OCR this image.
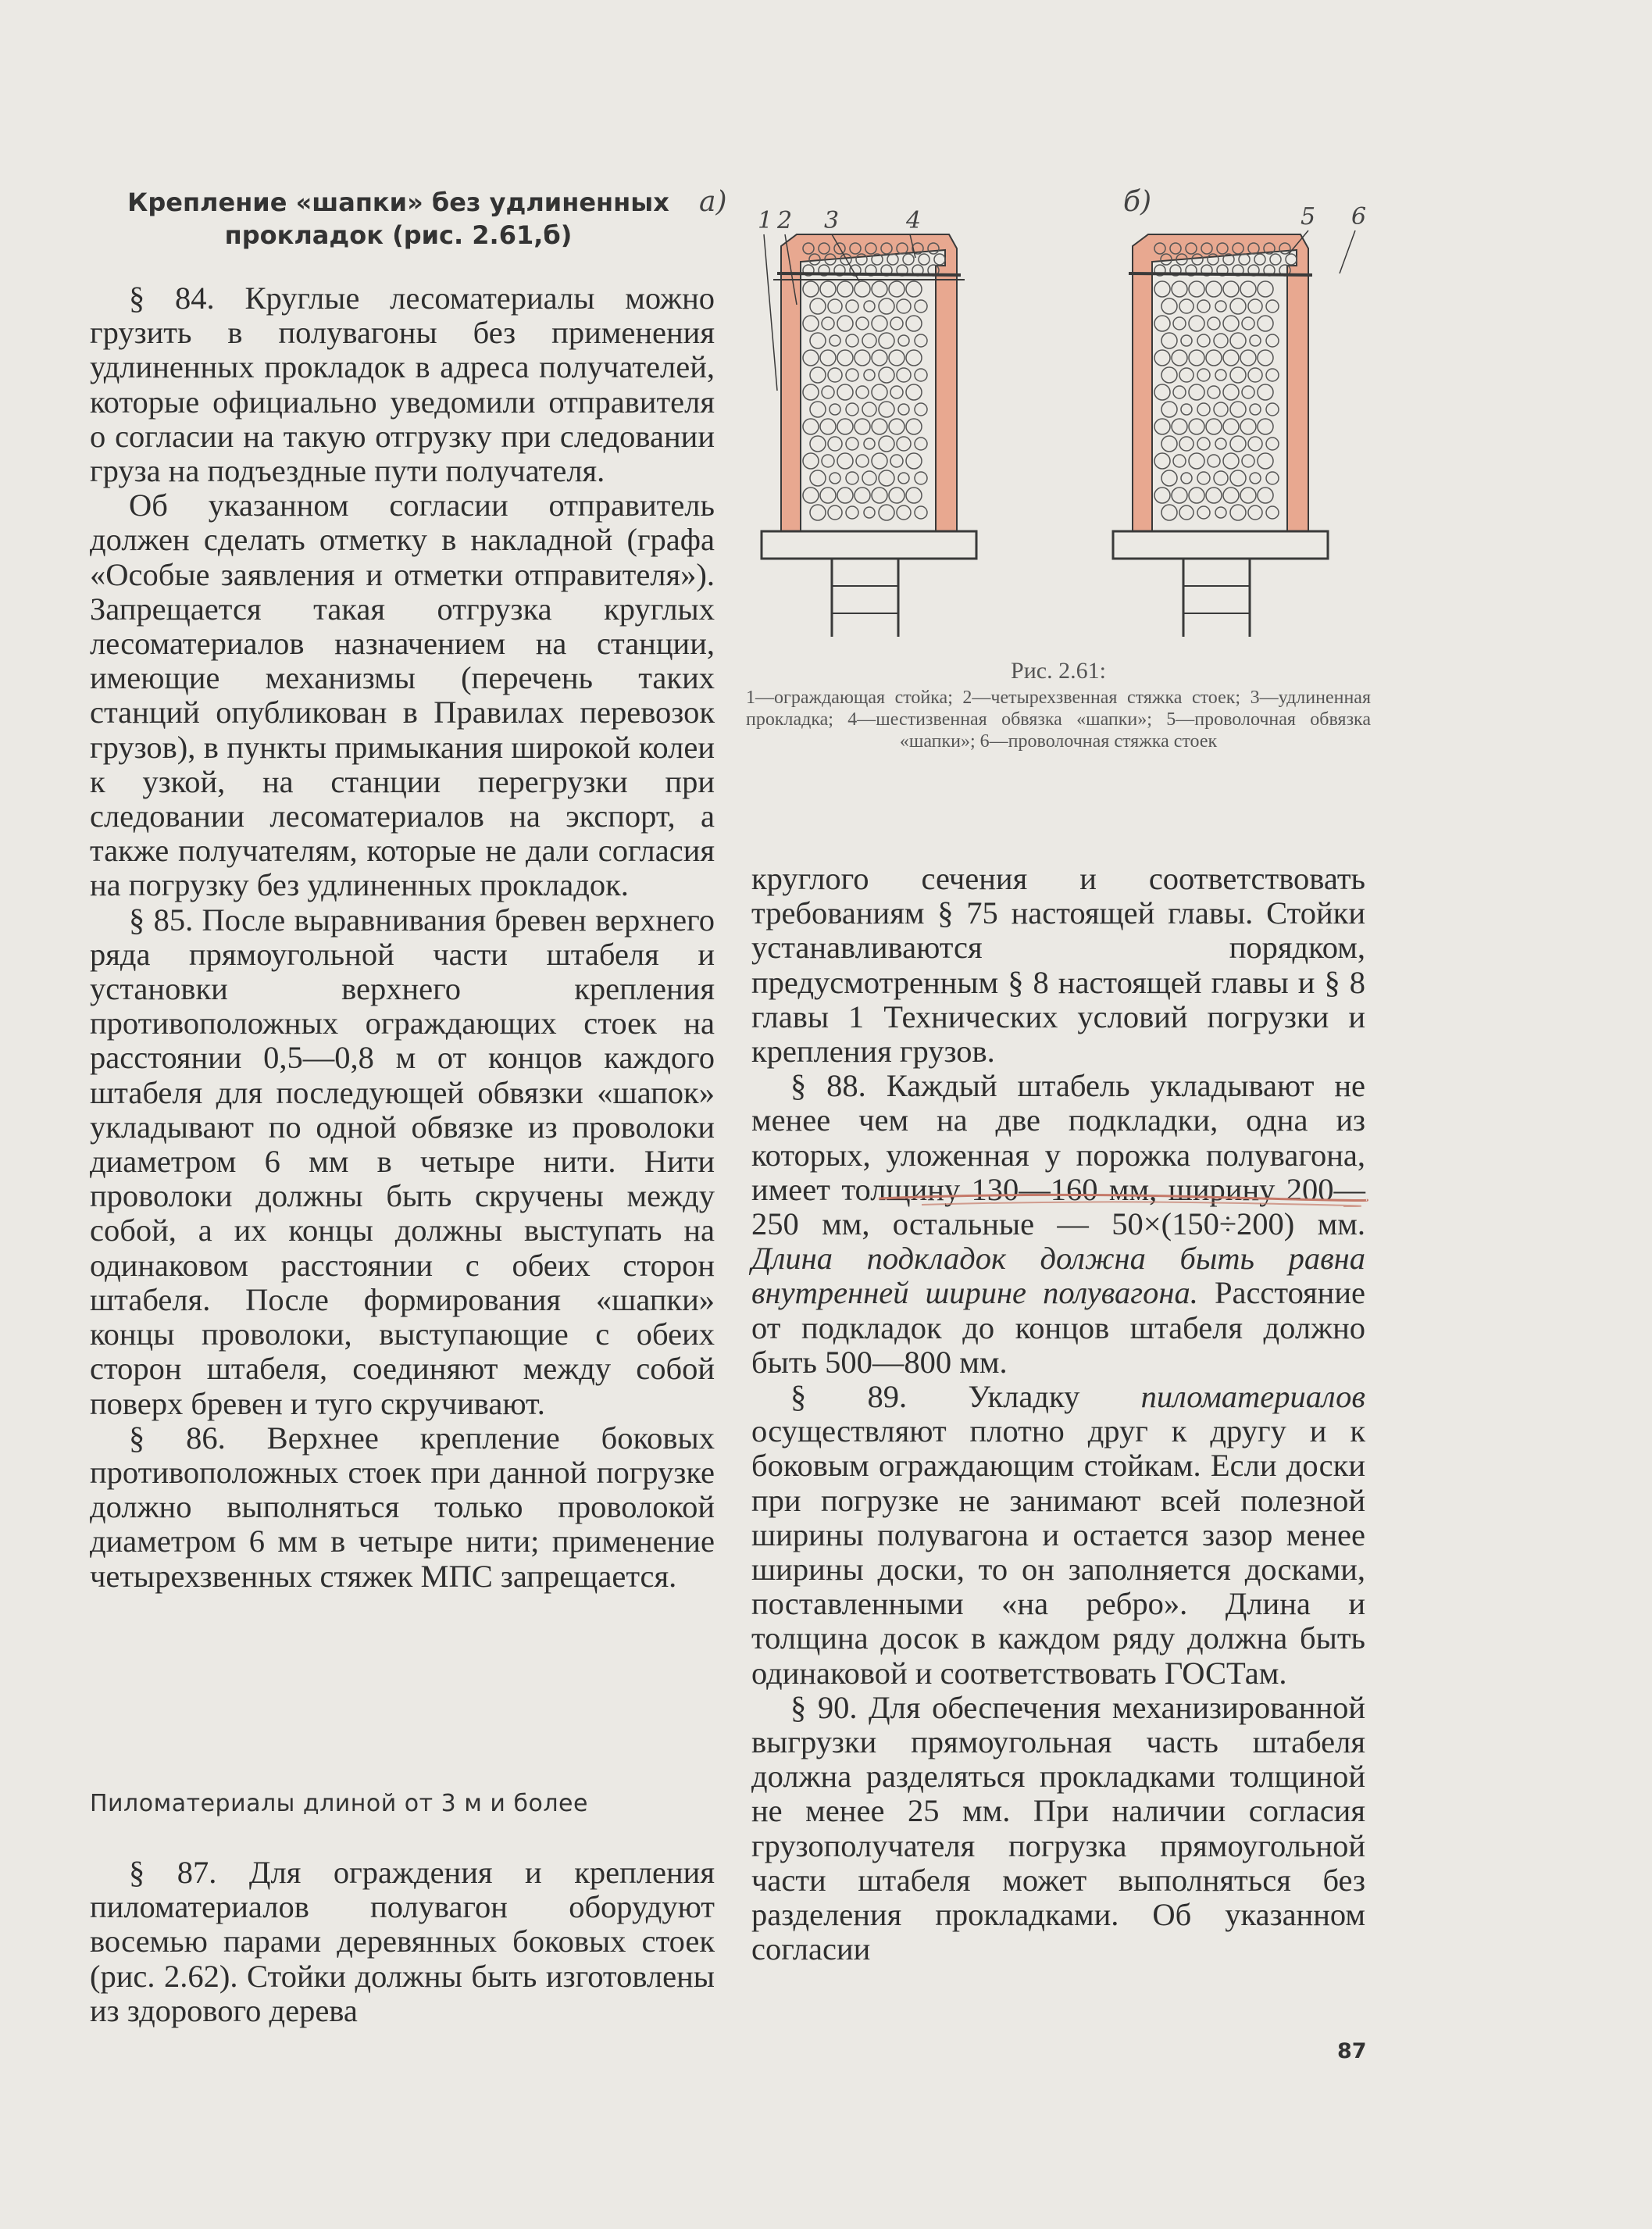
Крепление «шапки» без удлиненных прокладок (рис. 2.61,б)

§ 84. Круглые лесоматериалы можно грузить в полувагоны без применения удлиненных прокладок в адреса получателей, которые официально уведомили отправителя о согласии на такую отгрузку при следовании груза на подъездные пути получателя.

Об указанном согласии отправитель должен сделать отметку в накладной (графа «Особые заявления и отметки отправителя»). Запрещается такая отгрузка круглых лесоматериалов назначением на станции, имеющие механизмы (перечень таких станций опубликован в Правилах перевозок грузов), в пункты примыкания широкой колеи к узкой, на станции перегрузки при следовании лесоматериалов на экспорт, а также получателям, которые не дали согласия на погрузку без удлиненных прокладок.

§ 85. После выравнивания бревен верхнего ряда прямоугольной части штабеля и установки верхнего крепления противоположных ограждающих стоек на расстоянии 0,5—0,8 м от концов каждого штабеля для последующей обвязки «шапок» укладывают по одной обвязке из проволоки диаметром 6 мм в четыре нити. Нити проволоки должны быть скручены между собой, а их концы должны выступать на одинаковом расстоянии с обеих сторон штабеля. После формирования «шапки» концы проволоки, выступающие с обеих сторон штабеля, соединяют между собой поверх бревен и туго скручивают.

§ 86. Верхнее крепление боковых противоположных стоек при данной погрузке должно выполняться только проволокой диаметром 6 мм в четыре нити; применение четырехзвенных стяжек МПС запрещается.

Пиломатериалы длиной от 3 м и более

§ 87. Для ограждения и крепления пиломатериалов полувагон оборудуют восемью парами деревянных боковых стоек (рис. 2.62). Стойки должны быть изготовлены из здорового дерева

а)	б)
1 2 3	4	5 6
Рис. 2.61:
1—ограждающая стойка; 2—четырехзвенная стяжка стоек; 3—удлиненная прокладка; 4—шестизвенная обвязка «шапки»; 5—проволочная обвязка «шапки»; 6—проволочная стяжка стоек

круглого сечения и соответствовать требованиям § 75 настоящей главы. Стойки устанавливаются порядком, предусмотренным § 8 настоящей главы и § 8 главы 1 Технических условий погрузки и крепления грузов.

§ 88. Каждый штабель укладывают не менее чем на две подкладки, одна из которых, уложенная у порожка полувагона, имеет толщину 130—160 мм, ширину 200—250 мм, остальные — 50×(150÷200) мм. Длина подкладок должна быть равна внутренней ширине полувагона. Расстояние от подкладок до концов штабеля должно быть 500—800 мм.

§ 89. Укладку пиломатериалов осуществляют плотно друг к другу и к боковым ограждающим стойкам. Если доски при погрузке не занимают всей полезной ширины полувагона и остается зазор менее ширины доски, то он заполняется досками, поставленными «на ребро». Длина и толщина досок в каждом ряду должна быть одинаковой и соответствовать ГОСТам.

§ 90. Для обеспечения механизированной выгрузки прямоугольная часть штабеля должна разделяться прокладками толщиной не менее 25 мм. При наличии согласия грузополучателя погрузка прямоугольной части штабеля может выполняться без разделения прокладками. Об указанном согласии

87
